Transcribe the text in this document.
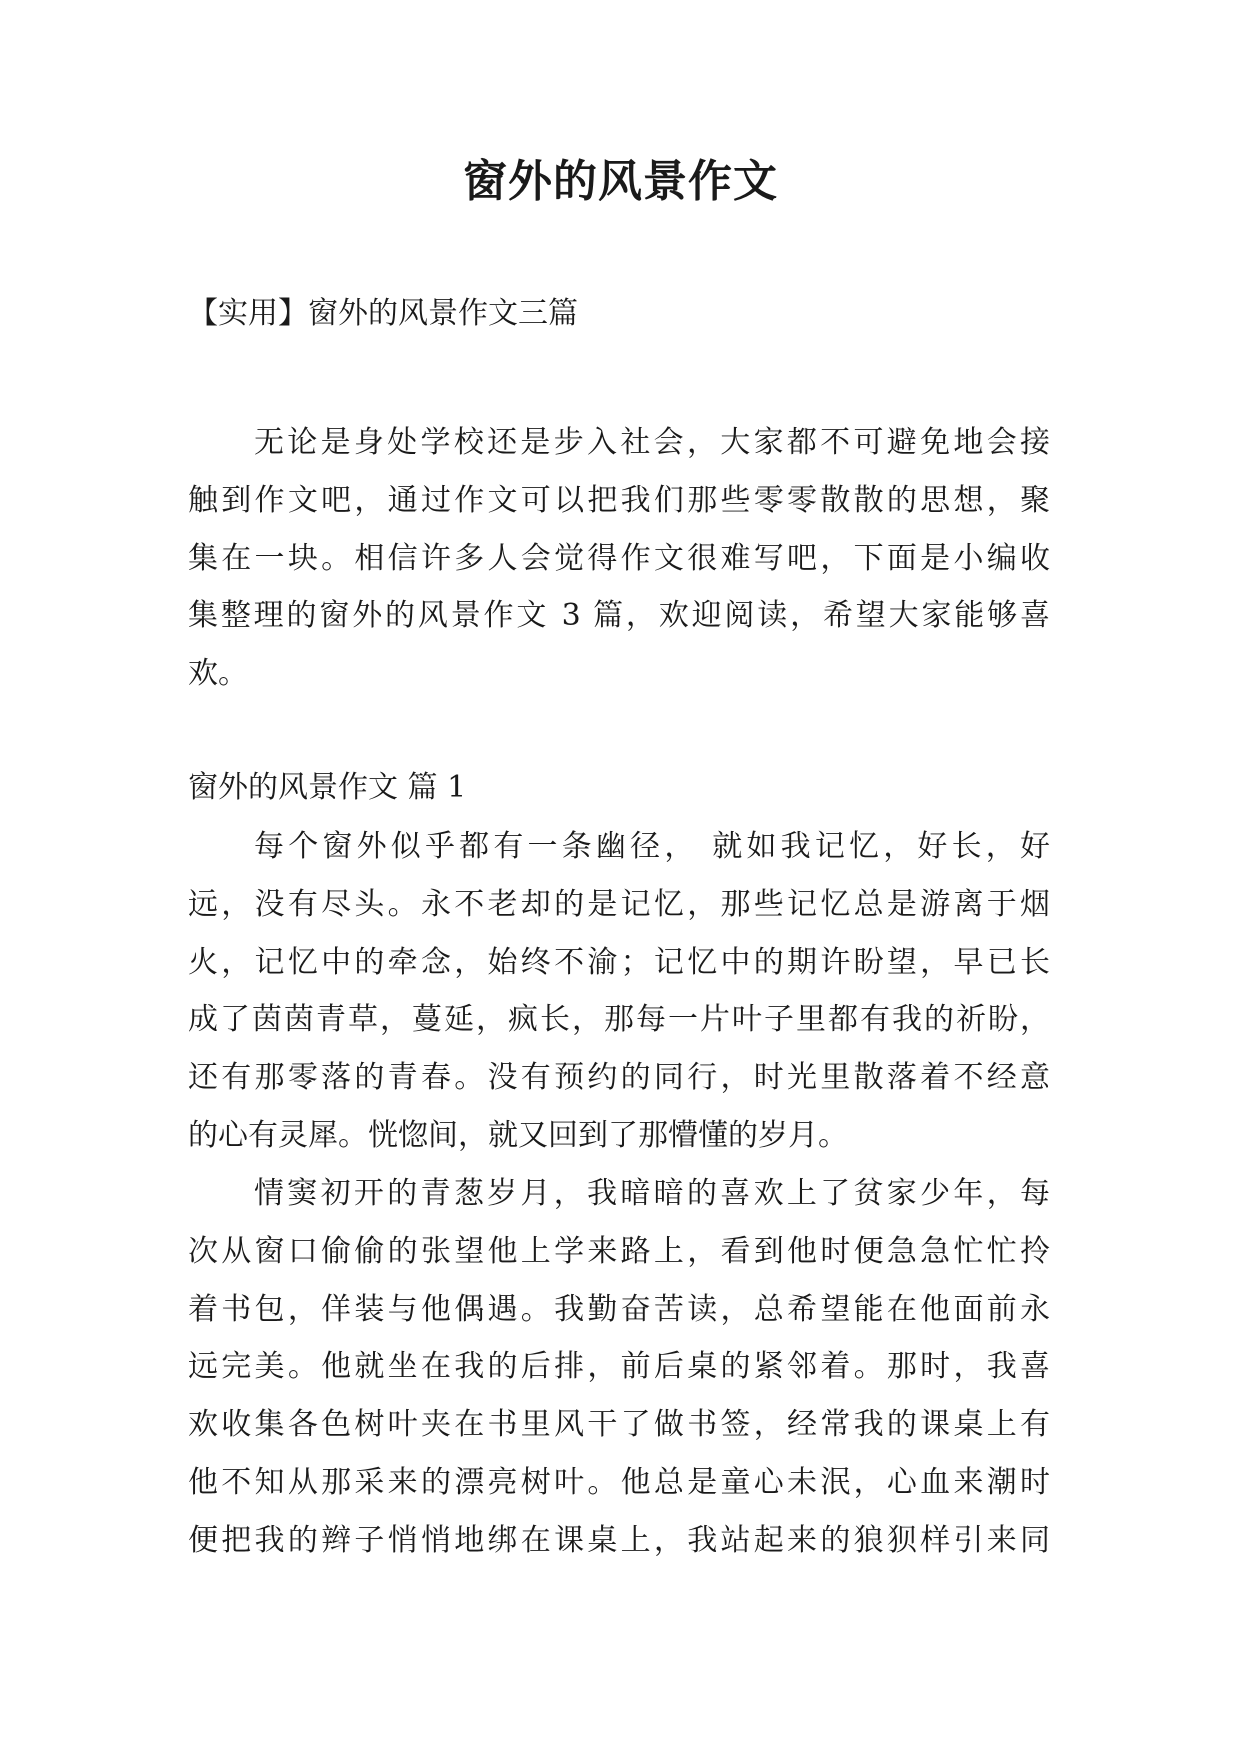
窗外的风景作文
【实用】窗外的风景作文三篇
无论是身处学校还是步入社会，大家都不可避免地会接
触到作文吧，通过作文可以把我们那些零零散散的思想，聚
集在一块。相信许多人会觉得作文很难写吧，下面是小编收
集整理的窗外的风景作文 3 篇，欢迎阅读，希望大家能够喜
欢。
窗外的风景作文 篇 1
每个窗外似乎都有一条幽径， 就如我记忆，好长，好
远，没有尽头。永不老却的是记忆，那些记忆总是游离于烟
火，记忆中的牵念，始终不渝；记忆中的期许盼望，早已长
成了茵茵青草，蔓延，疯长，那每一片叶子里都有我的祈盼，
还有那零落的青春。没有预约的同行，时光里散落着不经意
的心有灵犀。恍惚间，就又回到了那懵懂的岁月。
情窦初开的青葱岁月，我暗暗的喜欢上了贫家少年，每
次从窗口偷偷的张望他上学来路上，看到他时便急急忙忙拎
着书包，佯装与他偶遇。我勤奋苦读，总希望能在他面前永
远完美。他就坐在我的后排，前后桌的紧邻着。那时，我喜
欢收集各色树叶夹在书里风干了做书签，经常我的课桌上有
他不知从那采来的漂亮树叶。他总是童心未泯，心血来潮时
便把我的辫子悄悄地绑在课桌上，我站起来的狼狈样引来同
